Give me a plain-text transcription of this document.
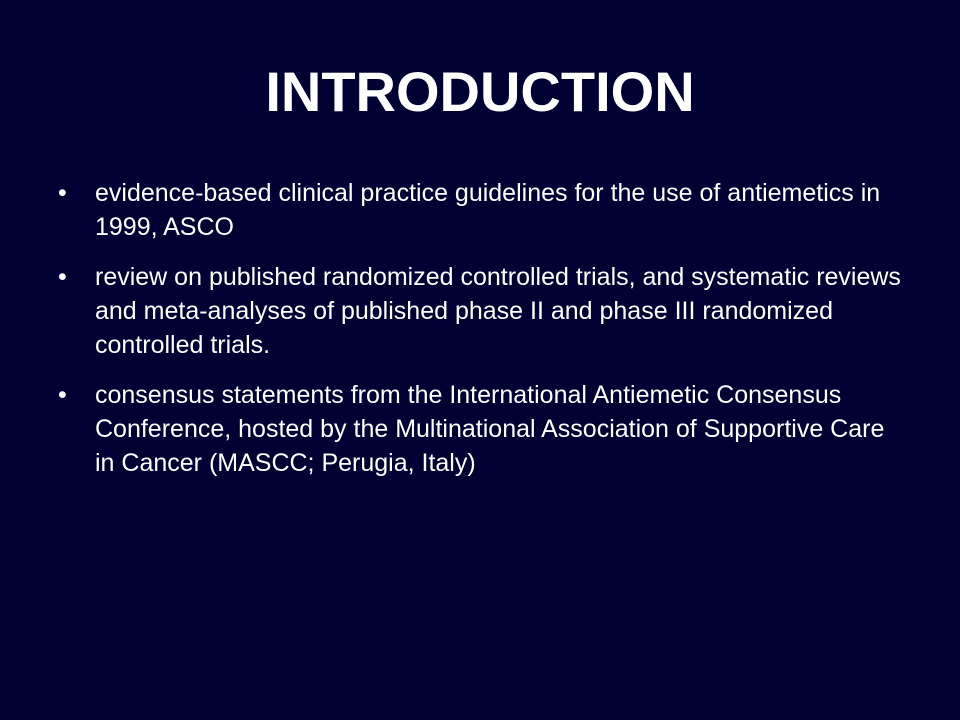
INTRODUCTION
•	evidence-based clinical practice guidelines for the use of antiemetics in 1999, ASCO
•	review on published randomized controlled trials, and systematic reviews and meta-analyses of published phase II and phase III randomized controlled trials.
•	consensus statements from the International Antiemetic Consensus Conference, hosted by the Multinational Association of Supportive Care in Cancer (MASCC; Perugia, Italy)
